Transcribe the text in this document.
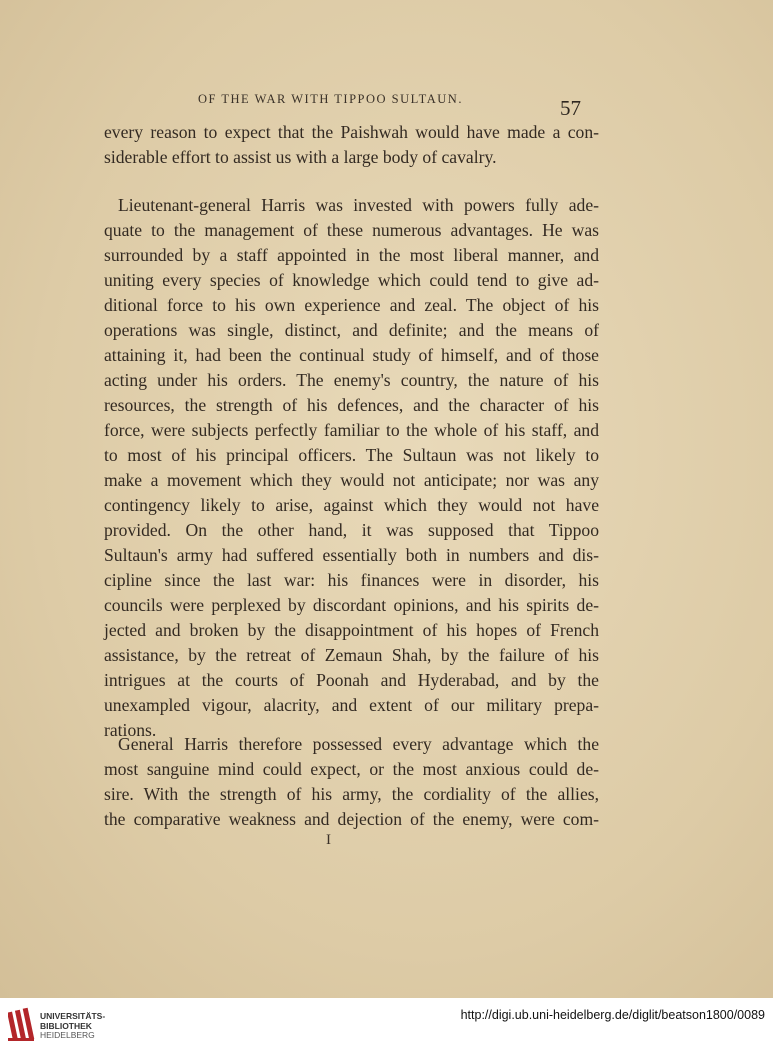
OF THE WAR WITH TIPPOO SULTAUN.	57
every reason to expect that the Paishwah would have made a con-
siderable effort to assist us with a large body of cavalry.
Lieutenant-general Harris was invested with powers fully ade-
quate to the management of these numerous advantages. He was
surrounded by a staff appointed in the most liberal manner, and
uniting every species of knowledge which could tend to give ad-
ditional force to his own experience and zeal. The object of his
operations was single, distinct, and definite; and the means of
attaining it, had been the continual study of himself, and of those
acting under his orders. The enemy's country, the nature of his
resources, the strength of his defences, and the character of his
force, were subjects perfectly familiar to the whole of his staff, and
to most of his principal officers. The Sultaun was not likely to
make a movement which they would not anticipate; nor was any
contingency likely to arise, against which they would not have
provided. On the other hand, it was supposed that Tippoo
Sultaun's army had suffered essentially both in numbers and dis-
cipline since the last war: his finances were in disorder, his
councils were perplexed by discordant opinions, and his spirits de-
jected and broken by the disappointment of his hopes of French
assistance, by the retreat of Zemaun Shah, by the failure of his
intrigues at the courts of Poonah and Hyderabad, and by the
unexampled vigour, alacrity, and extent of our military prepa-
rations.
General Harris therefore possessed every advantage which the
most sanguine mind could expect, or the most anxious could de-
sire. With the strength of his army, the cordiality of the allies,
the comparative weakness and dejection of the enemy, were com-
I
UNIVERSITÄTS-
BIBLIOTHEK
HEIDELBERG
http://digi.ub.uni-heidelberg.de/diglit/beatson1800/0089
